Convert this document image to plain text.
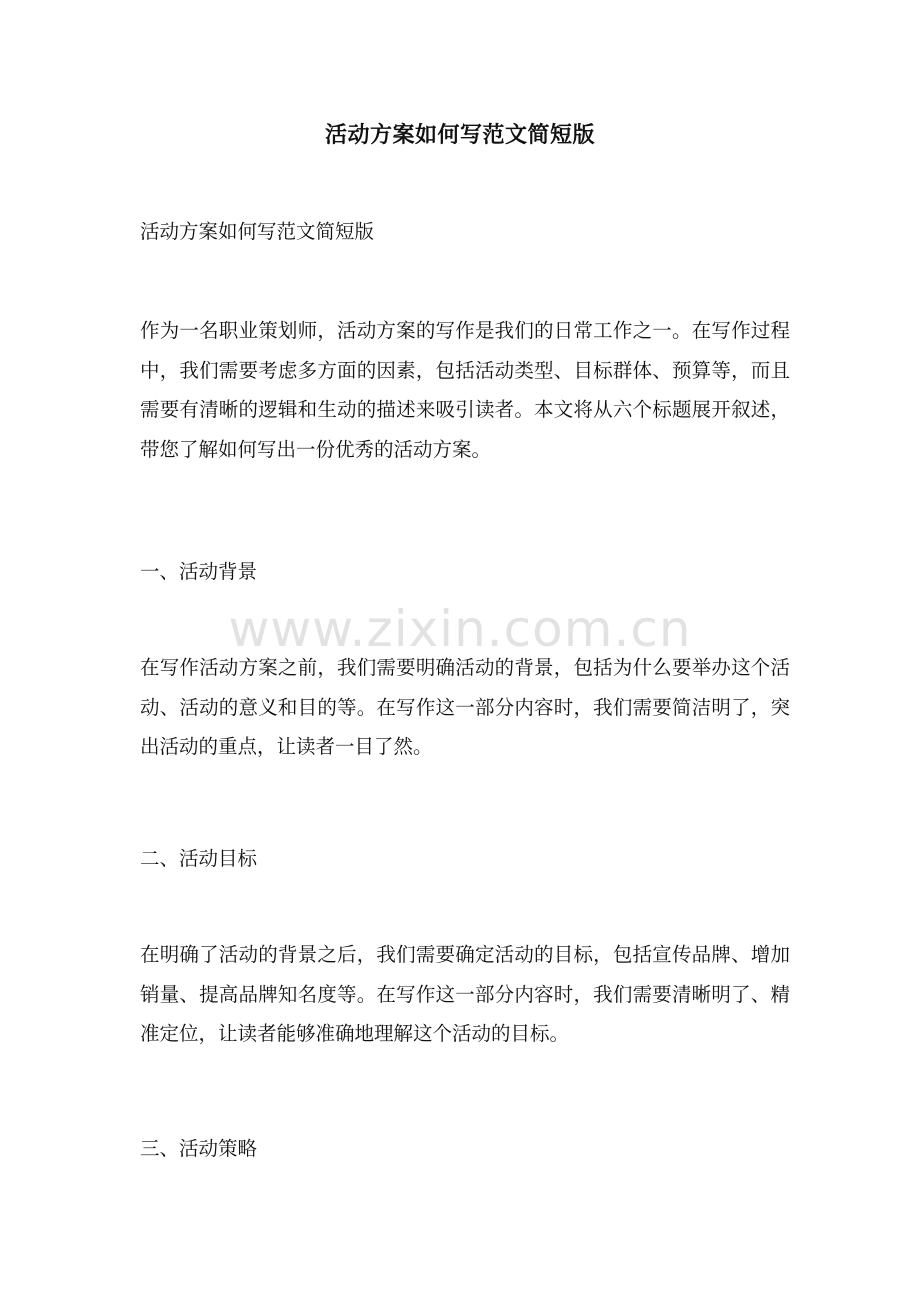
活动方案如何写范文简短版
活动方案如何写范文简短版
作为一名职业策划师，活动方案的写作是我们的日常工作之一。在写作过程中，我们需要考虑多方面的因素，包括活动类型、目标群体、预算等，而且需要有清晰的逻辑和生动的描述来吸引读者。本文将从六个标题展开叙述，带您了解如何写出一份优秀的活动方案。
一、活动背景
在写作活动方案之前，我们需要明确活动的背景，包括为什么要举办这个活动、活动的意义和目的等。在写作这一部分内容时，我们需要简洁明了，突出活动的重点，让读者一目了然。
二、活动目标
在明确了活动的背景之后，我们需要确定活动的目标，包括宣传品牌、增加销量、提高品牌知名度等。在写作这一部分内容时，我们需要清晰明了、精准定位，让读者能够准确地理解这个活动的目标。
三、活动策略
www.zixin.com.cn
